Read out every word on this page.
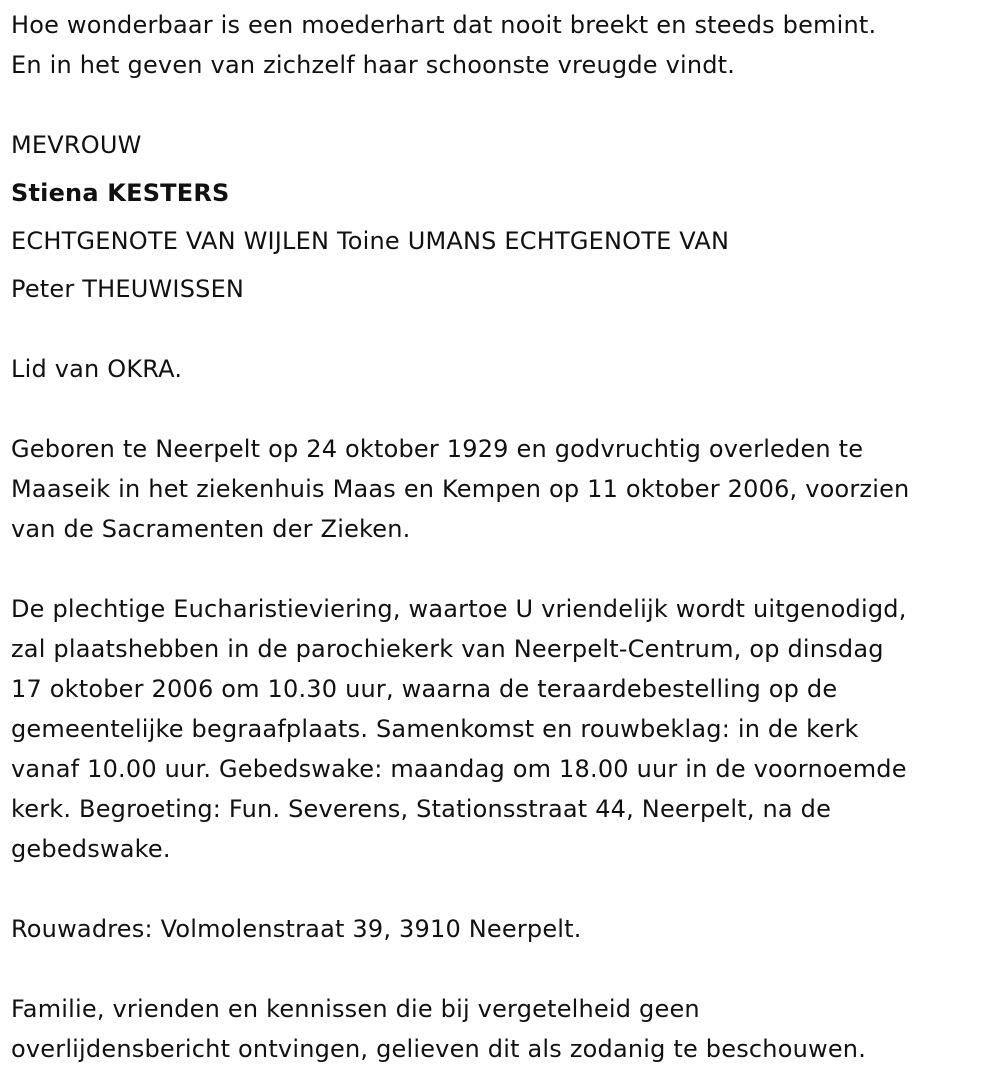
Hoe wonderbaar is een moederhart dat nooit breekt en steeds bemint.
En in het geven van zichzelf haar schoonste vreugde vindt.
MEVROUW
Stiena KESTERS
ECHTGENOTE VAN WIJLEN Toine UMANS ECHTGENOTE VAN
Peter THEUWISSEN
Lid van OKRA.
Geboren te Neerpelt op 24 oktober 1929 en godvruchtig overleden te
Maaseik in het ziekenhuis Maas en Kempen op 11 oktober 2006, voorzien
van de Sacramenten der Zieken.
De plechtige Eucharistieviering, waartoe U vriendelijk wordt uitgenodigd,
zal plaatshebben in de parochiekerk van Neerpelt-Centrum, op dinsdag
17 oktober 2006 om 10.30 uur, waarna de teraardebestelling op de
gemeentelijke begraafplaats. Samenkomst en rouwbeklag: in de kerk
vanaf 10.00 uur. Gebedswake: maandag om 18.00 uur in de voornoemde
kerk. Begroeting: Fun. Severens, Stationsstraat 44, Neerpelt, na de
gebedswake.
Rouwadres: Volmolenstraat 39, 3910 Neerpelt.
Familie, vrienden en kennissen die bij vergetelheid geen
overlijdensbericht ontvingen, gelieven dit als zodanig te beschouwen.
